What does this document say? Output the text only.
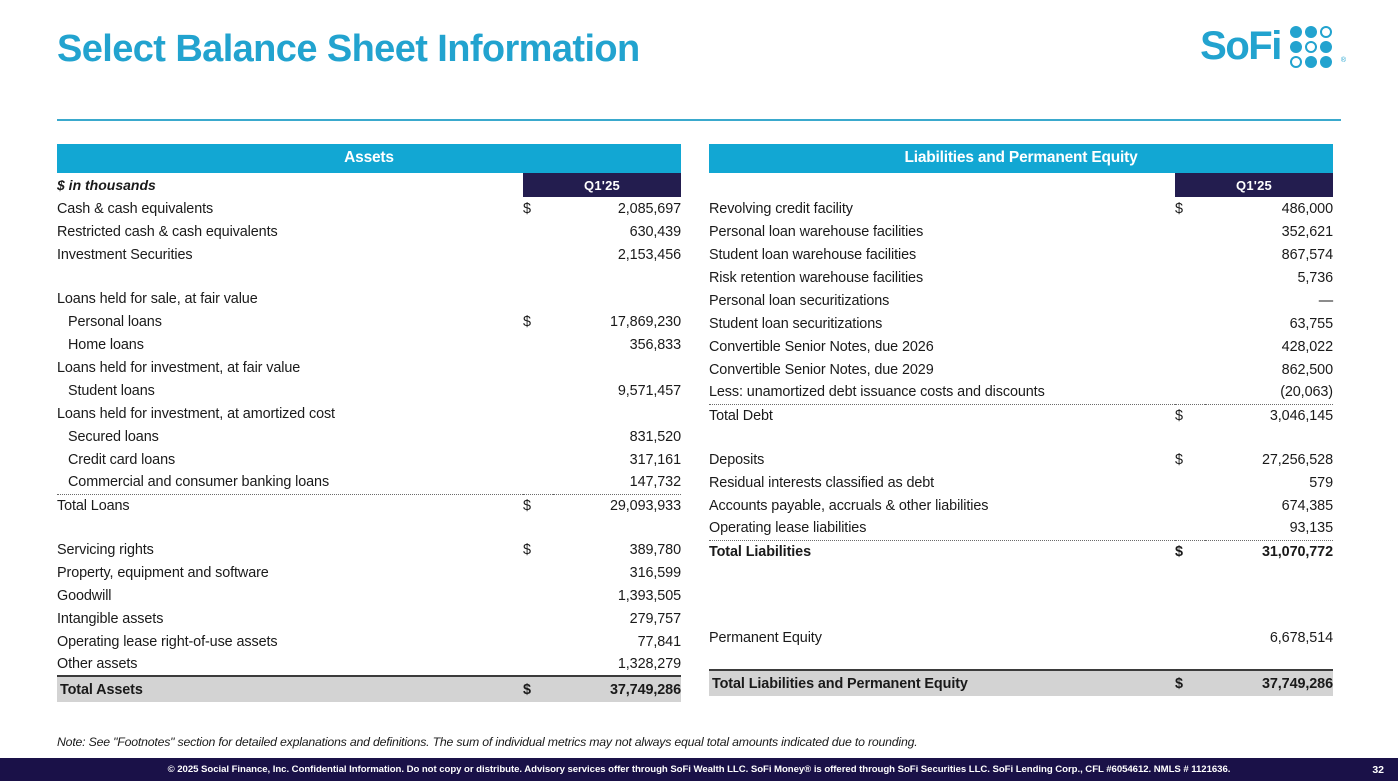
Select Balance Sheet Information	SoFi	®
Assets
$ in thousands	Q1'25
Cash & cash equivalents	$	2,085,697
Restricted cash & cash equivalents		630,439
Investment Securities		2,153,456

Loans held for sale, at fair value		
Personal loans	$	17,869,230
Home loans		356,833
Loans held for investment, at fair value		
Student loans		9,571,457
Loans held for investment, at amortized cost		
Secured loans		831,520
Credit card loans		317,161
Commercial and consumer banking loans		147,732
Total Loans	$	29,093,933

Servicing rights	$	389,780
Property, equipment and software		316,599
Goodwill		1,393,505
Intangible assets		279,757
Operating lease right-of-use assets		77,841
Other assets		1,328,279
Total Assets	$	37,749,286
Liabilities and Permanent Equity
Q1'25
Revolving credit facility	$	486,000
Personal loan warehouse facilities		352,621
Student loan warehouse facilities		867,574
Risk retention warehouse facilities		5,736
Personal loan securitizations		—
Student loan securitizations		63,755
Convertible Senior Notes, due 2026		428,022
Convertible Senior Notes, due 2029		862,500
Less: unamortized debt issuance costs and discounts		(20,063)
Total Debt	$	3,046,145

Deposits	$	27,256,528
Residual interests classified as debt		579
Accounts payable, accruals & other liabilities		674,385
Operating lease liabilities		93,135
Total Liabilities	$	31,070,772

Permanent Equity		6,678,514

Total Liabilities and Permanent Equity	$	37,749,286
Note: See "Footnotes" section for detailed explanations and definitions. The sum of individual metrics may not always equal total amounts indicated due to rounding.
© 2025 Social Finance, Inc. Confidential Information. Do not copy or distribute. Advisory services offer through SoFi Wealth LLC. SoFi Money® is offered through SoFi Securities LLC. SoFi Lending Corp., CFL #6054612. NMLS # 1121636.	32
